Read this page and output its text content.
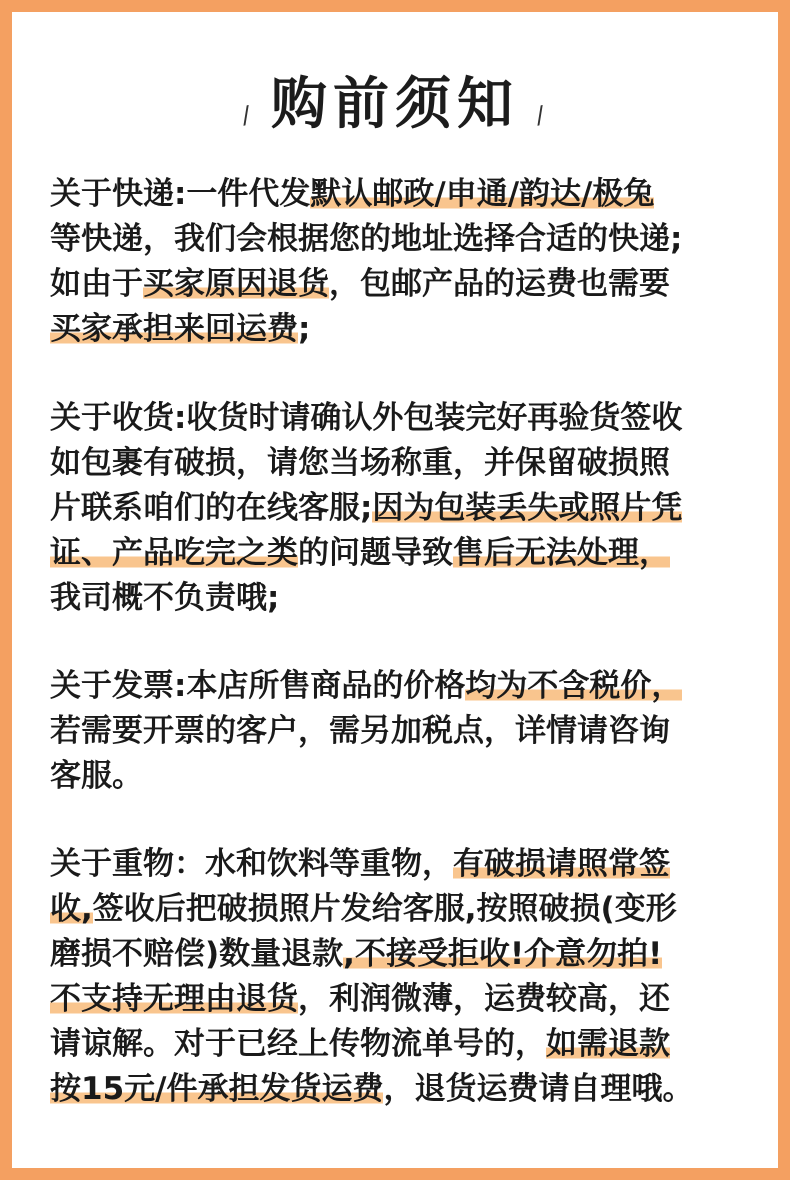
/ 购前须知 /
关于快递:一件代发默认邮政/申通/韵达/极兔
等快递，我们会根据您的地址选择合适的快递;
如由于买家原因退货，包邮产品的运费也需要
买家承担来回运费;
关于收货:收货时请确认外包装完好再验货签收
如包裹有破损，请您当场称重，并保留破损照
片联系咱们的在线客服;因为包装丢失或照片凭
证、产品吃完之类的问题导致售后无法处理，
我司概不负责哦;
关于发票:本店所售商品的价格均为不含税价，
若需要开票的客户，需另加税点，详情请咨询
客服。
关于重物：水和饮料等重物，有破损请照常签
收,签收后把破损照片发给客服,按照破损(变形
磨损不赔偿)数量退款,不接受拒收!介意勿拍!
不支持无理由退货，利润微薄，运费较高，还
请谅解。对于已经上传物流单号的，如需退款
按15元/件承担发货运费，退货运费请自理哦。
